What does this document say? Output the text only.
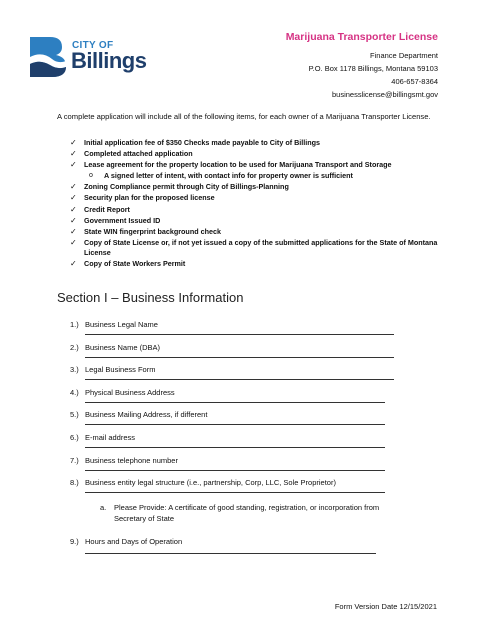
CITY OF
Billings
Marijuana Transporter License
Finance Department
P.O. Box 1178 Billings, Montana 59103
406-657-8364
businesslicense@billingsmt.gov
A complete application will include all of the following items, for each owner of a Marijuana Transporter License.
✓ Initial application fee of $350 Checks made payable to City of Billings
✓ Completed attached application
✓ Lease agreement for the property location to be used for Marijuana Transport and Storage
o A signed letter of intent, with contact info for property owner is sufficient
✓ Zoning Compliance permit through City of Billings-Planning
✓ Security plan for the proposed license
✓ Credit Report
✓ Government Issued ID
✓ State WIN fingerprint background check
✓ Copy of State License or, if not yet issued a copy of the submitted applications for the State of Montana License
✓ Copy of State Workers Permit
Section I – Business Information
1.) Business Legal Name
2.) Business Name (DBA)
3.) Legal Business Form
4.) Physical Business Address
5.) Business Mailing Address, if different
6.) E-mail address
7.) Business telephone number
8.) Business entity legal structure (i.e., partnership, Corp, LLC, Sole Proprietor)
a. Please Provide: A certificate of good standing, registration, or incorporation from Secretary of State
9.) Hours and Days of Operation
Form Version Date 12/15/2021
